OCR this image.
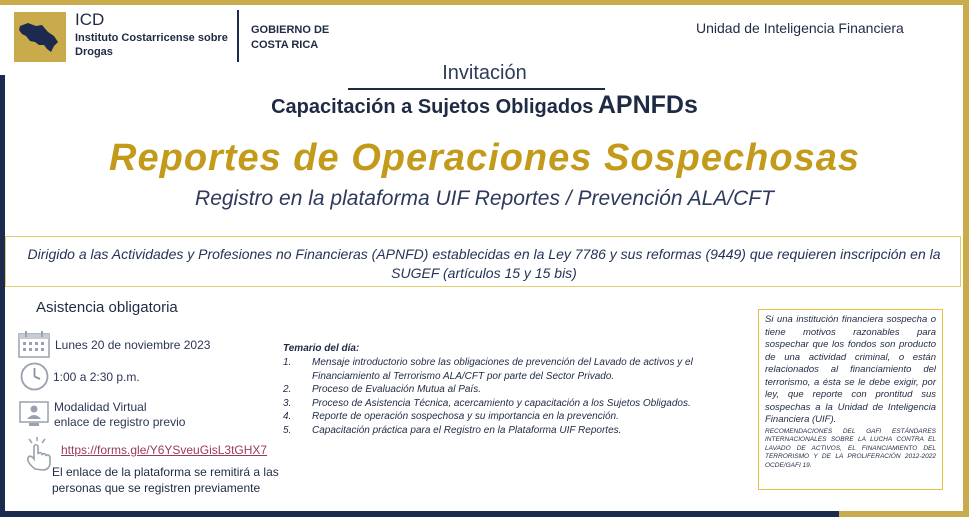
ICD
Instituto Costarricense sobre Drogas
GOBIERNO DE COSTA RICA
Unidad de Inteligencia Financiera
Invitación
Capacitación a Sujetos Obligados APNFDs
Reportes de Operaciones Sospechosas
Registro en la plataforma UIF Reportes / Prevención ALA/CFT
Dirigido a las Actividades y Profesiones no Financieras (APNFD) establecidas en la Ley 7786 y sus reformas (9449) que requieren inscripción en la SUGEF (artículos 15 y 15 bis)
Asistencia obligatoria
Lunes 20 de noviembre 2023
1:00 a 2:30 p.m.
Modalidad Virtual
enlace de registro previo
https://forms.gle/Y6YSveuGisL3tGHX7
El enlace de la plataforma se remitirá a las personas que se registren previamente
Temario del día:
1. Mensaje introductorio sobre las obligaciones de prevención del Lavado de activos y el Financiamiento al Terrorismo ALA/CFT por parte del Sector Privado.
2. Proceso de Evaluación Mutua al País.
3. Proceso de Asistencia Técnica, acercamiento y capacitación a los Sujetos Obligados.
4. Reporte de operación sospechosa y su importancia en la prevención.
5. Capacitación práctica para el Registro en la Plataforma UIF Reportes.
Si una institución financiera sospecha o tiene motivos razonables para sospechar que los fondos son producto de una actividad criminal, o están relacionados al financiamiento del terrorismo, a ésta se le debe exigir, por ley, que reporte con prontitud sus sospechas a la Unidad de Inteligencia Financiera (UIF).
RECOMENDACIONES DEL GAFI ESTÁNDARES INTERNACIONALES SOBRE LA LUCHA CONTRA EL LAVADO DE ACTIVOS, EL FINANCIAMIENTO DEL TERRORISMO Y DE LA PROLIFERACIÓN 2012-2022 OCDE/GAFI 19.
